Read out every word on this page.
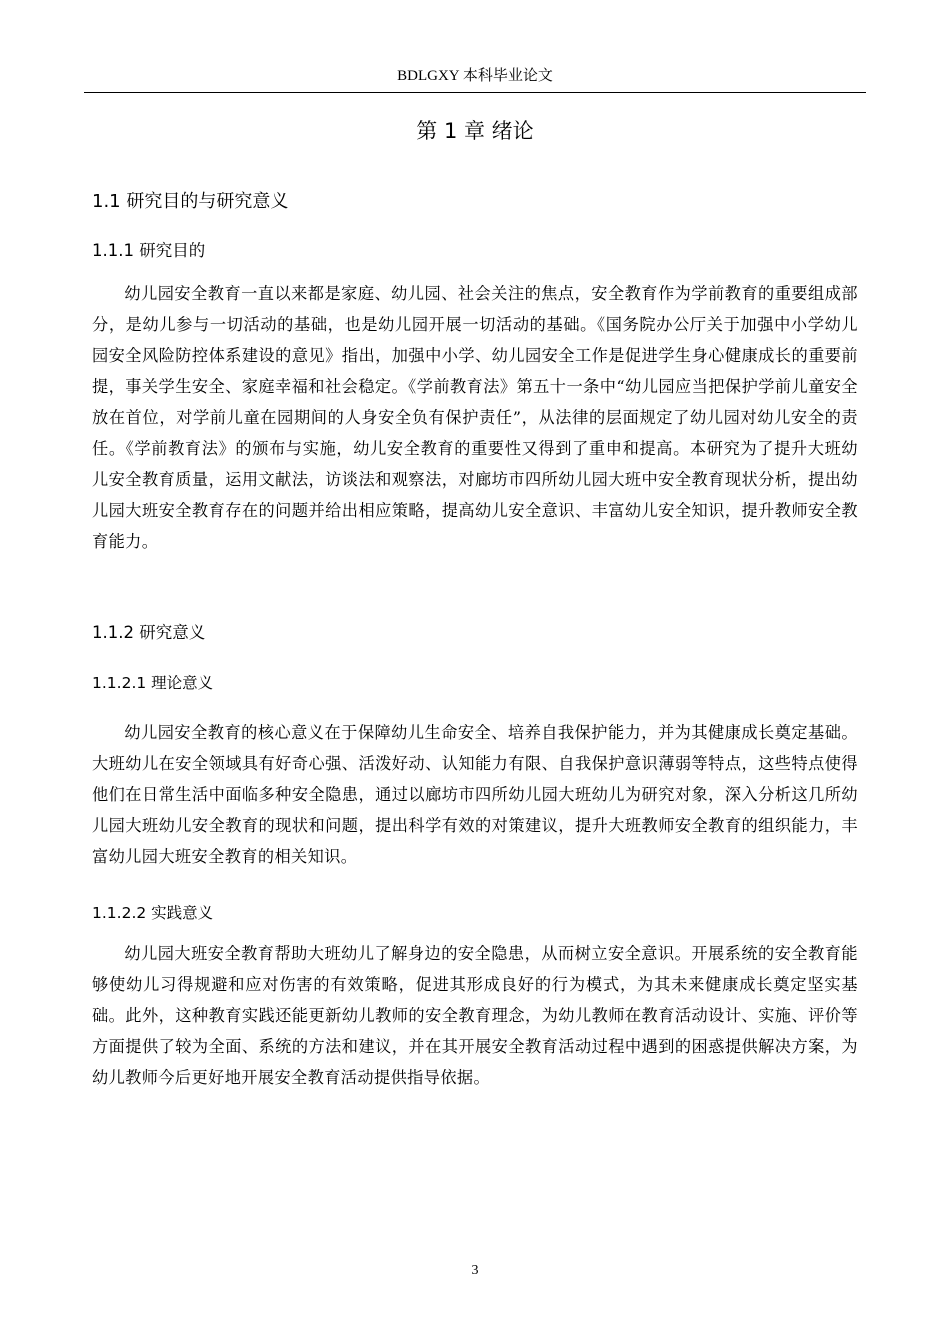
BDLGXY 本科毕业论文
第 1 章 绪论
1.1 研究目的与研究意义
1.1.1 研究目的

幼儿园安全教育一直以来都是家庭、幼儿园、社会关注的焦点，安全教育作为学前教育的重要组成部分，是幼儿参与一切活动的基础，也是幼儿园开展一切活动的基础。《国务院办公厅关于加强中小学幼儿园安全风险防控体系建设的意见》指出，加强中小学、幼儿园安全工作是促进学生身心健康成长的重要前提，事关学生安全、家庭幸福和社会稳定。《学前教育法》第五十一条中“幼儿园应当把保护学前儿童安全放在首位，对学前儿童在园期间的人身安全负有保护责任”，从法律的层面规定了幼儿园对幼儿安全的责任。《学前教育法》的颁布与实施，幼儿安全教育的重要性又得到了重申和提高。本研究为了提升大班幼儿安全教育质量，运用文献法，访谈法和观察法，对廊坊市四所幼儿园大班中安全教育现状分析，提出幼儿园大班安全教育存在的问题并给出相应策略，提高幼儿安全意识、丰富幼儿安全知识，提升教师安全教育能力。

1.1.2 研究意义
1.1.2.1 理论意义

幼儿园安全教育的核心意义在于保障幼儿生命安全、培养自我保护能力，并为其健康成长奠定基础。大班幼儿在安全领域具有好奇心强、活泼好动、认知能力有限、自我保护意识薄弱等特点，这些特点使得他们在日常生活中面临多种安全隐患，通过以廊坊市四所幼儿园大班幼儿为研究对象，深入分析这几所幼儿园大班幼儿安全教育的现状和问题，提出科学有效的对策建议，提升大班教师安全教育的组织能力，丰富幼儿园大班安全教育的相关知识。

1.1.2.2 实践意义

幼儿园大班安全教育帮助大班幼儿了解身边的安全隐患，从而树立安全意识。开展系统的安全教育能够使幼儿习得规避和应对伤害的有效策略，促进其形成良好的行为模式，为其未来健康成长奠定坚实基础。此外，这种教育实践还能更新幼儿教师的安全教育理念，为幼儿教师在教育活动设计、实施、评价等方面提供了较为全面、系统的方法和建议，并在其开展安全教育活动过程中遇到的困惑提供解决方案，为幼儿教师今后更好地开展安全教育活动提供指导依据。

3
